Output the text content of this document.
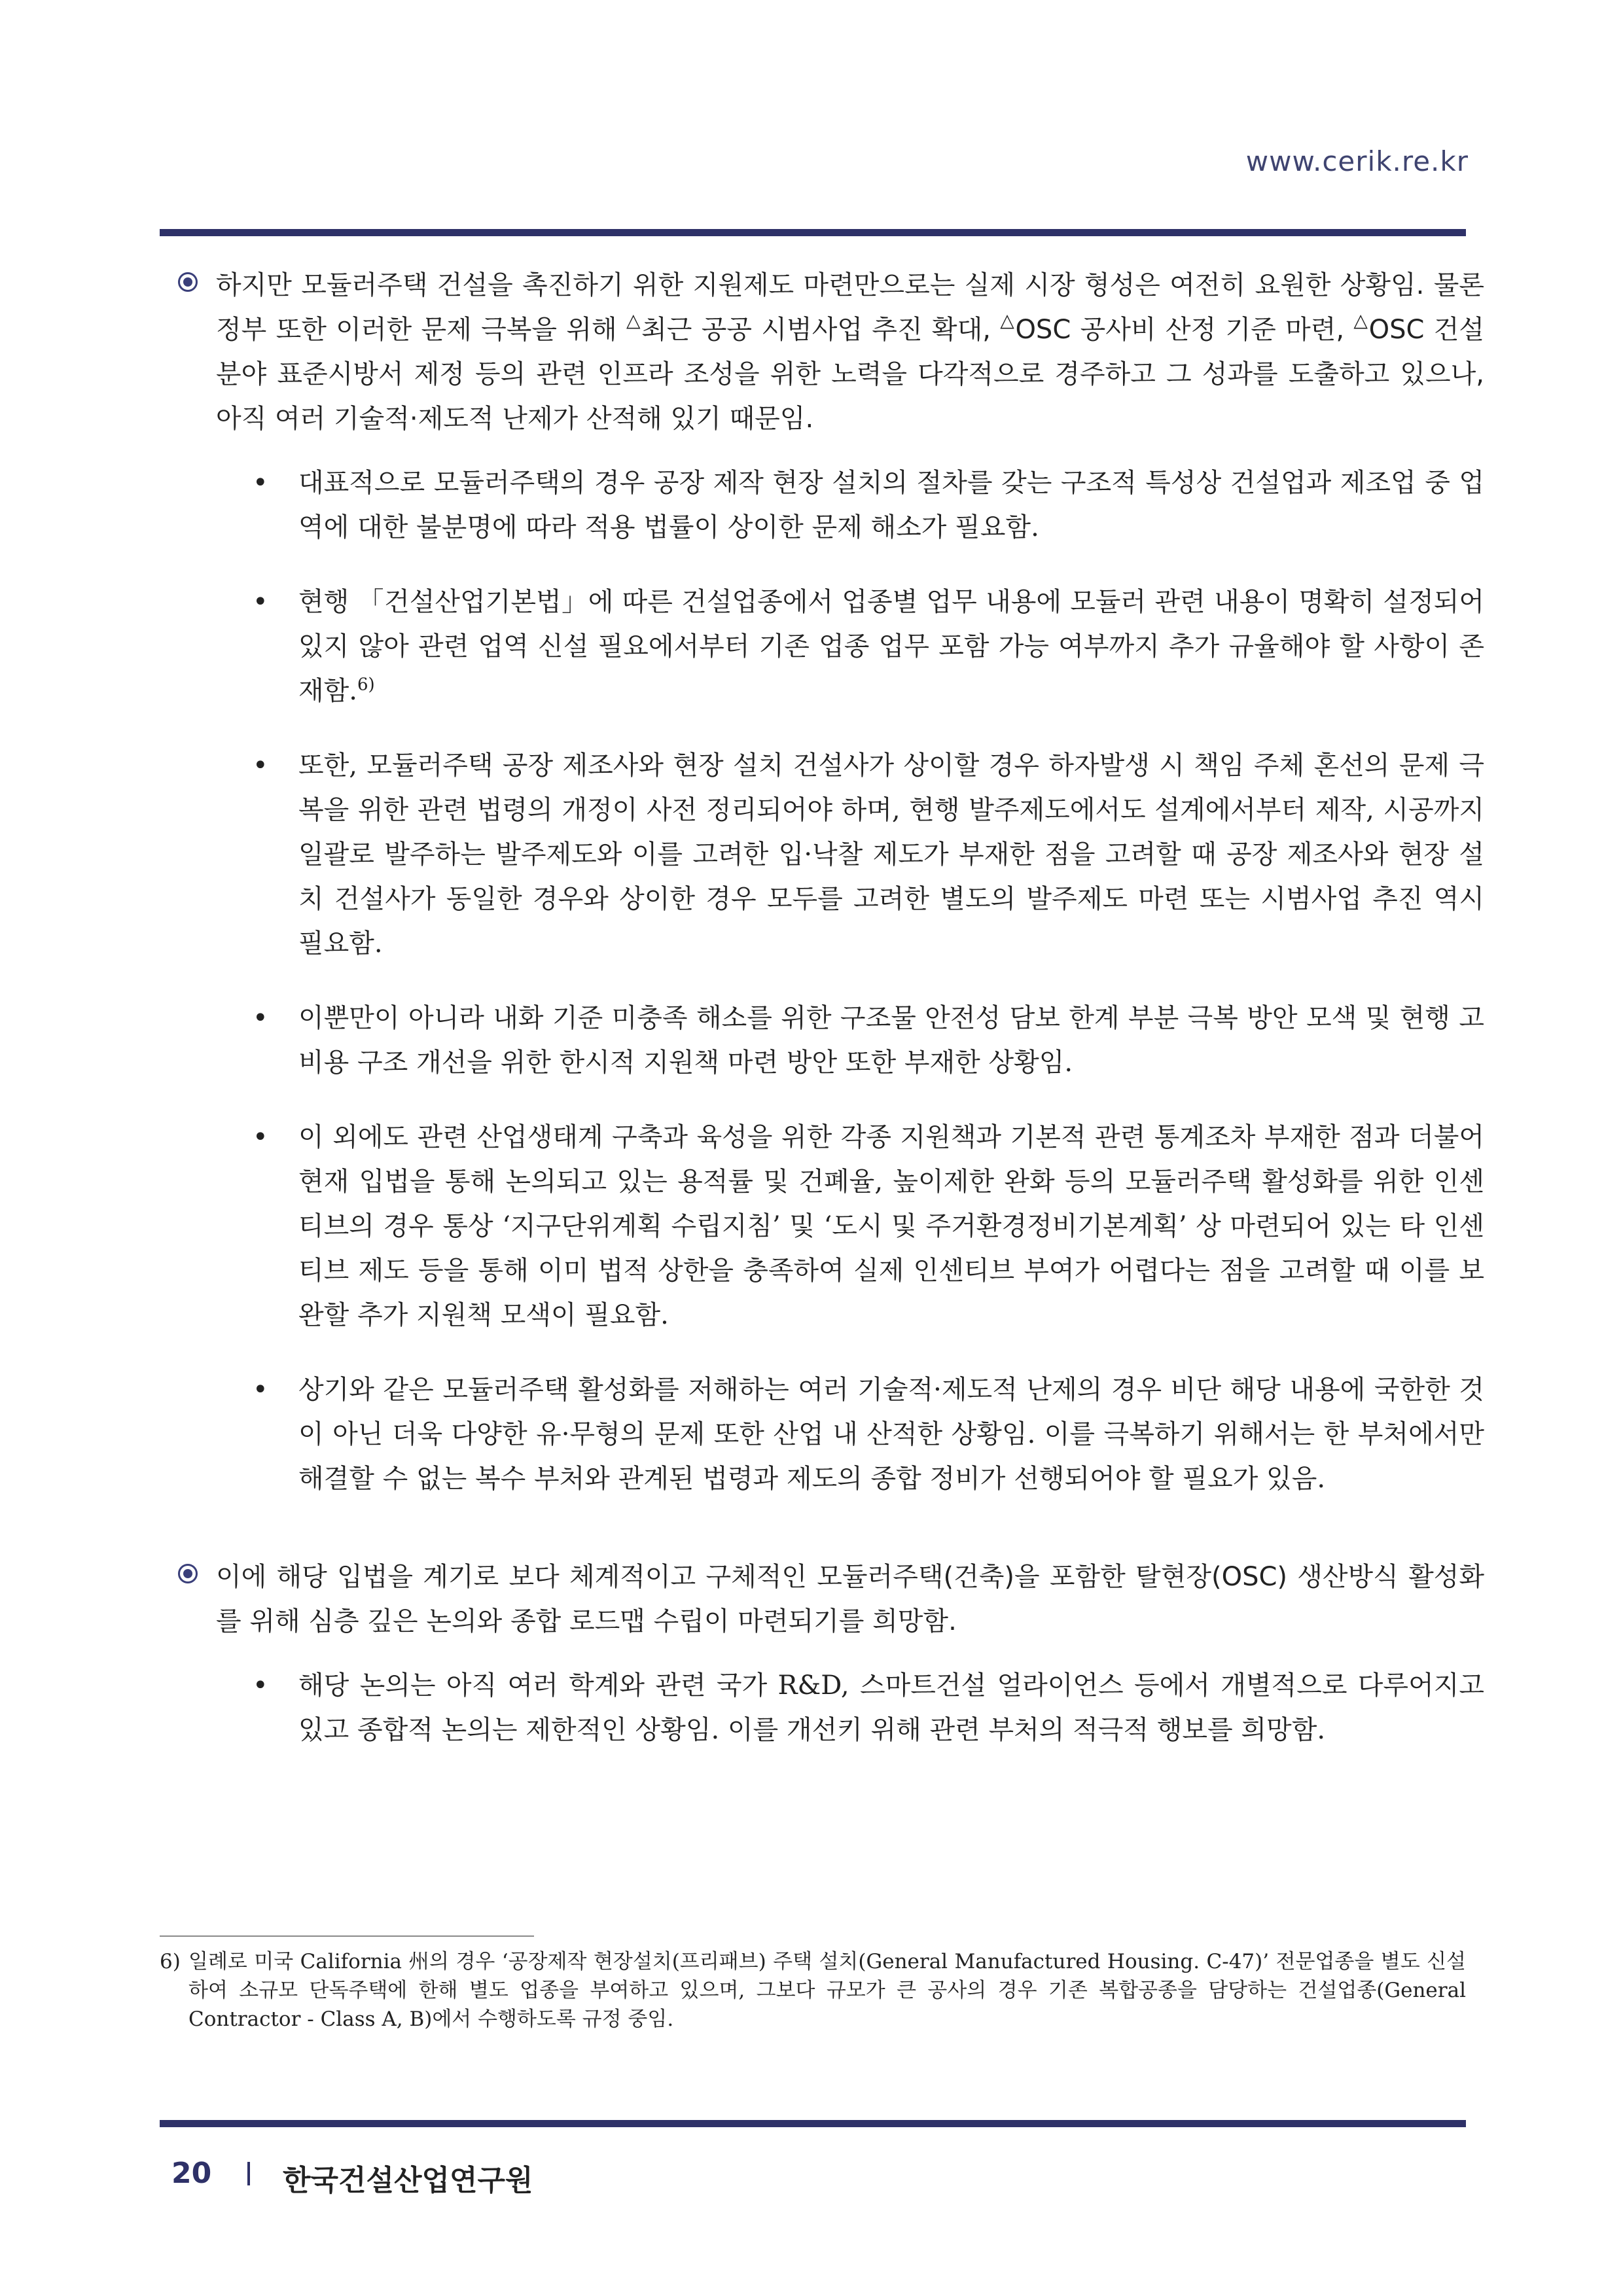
www.cerik.re.kr
하지만 모듈러주택 건설을 촉진하기 위한 지원제도 마련만으로는 실제 시장 형성은 여전히 요원한 상황임. 물론 정부 또한 이러한 문제 극복을 위해 △최근 공공 시범사업 추진 확대, △OSC 공사비 산정 기준 마련, △OSC 건설분야 표준시방서 제정 등의 관련 인프라 조성을 위한 노력을 다각적으로 경주하고 그 성과를 도출하고 있으나, 아직 여러 기술적·제도적 난제가 산적해 있기 때문임.
• 대표적으로 모듈러주택의 경우 공장 제작 현장 설치의 절차를 갖는 구조적 특성상 건설업과 제조업 중 업역에 대한 불분명에 따라 적용 법률이 상이한 문제 해소가 필요함.
• 현행 「건설산업기본법」에 따른 건설업종에서 업종별 업무 내용에 모듈러 관련 내용이 명확히 설정되어 있지 않아 관련 업역 신설 필요에서부터 기존 업종 업무 포함 가능 여부까지 추가 규율해야 할 사항이 존재함.$^{6)}$
• 또한, 모듈러주택 공장 제조사와 현장 설치 건설사가 상이할 경우 하자발생 시 책임 주체 혼선의 문제 극복을 위한 관련 법령의 개정이 사전 정리되어야 하며, 현행 발주제도에서도 설계에서부터 제작, 시공까지 일괄로 발주하는 발주제도와 이를 고려한 입·낙찰 제도가 부재한 점을 고려할 때 공장 제조사와 현장 설치 건설사가 동일한 경우와 상이한 경우 모두를 고려한 별도의 발주제도 마련 또는 시범사업 추진 역시 필요함.
• 이뿐만이 아니라 내화 기준 미충족 해소를 위한 구조물 안전성 담보 한계 부분 극복 방안 모색 및 현행 고비용 구조 개선을 위한 한시적 지원책 마련 방안 또한 부재한 상황임.
• 이 외에도 관련 산업생태계 구축과 육성을 위한 각종 지원책과 기본적 관련 통계조차 부재한 점과 더불어 현재 입법을 통해 논의되고 있는 용적률 및 건폐율, 높이제한 완화 등의 모듈러주택 활성화를 위한 인센티브의 경우 통상 ‘지구단위계획 수립지침’ 및 ‘도시 및 주거환경정비기본계획’ 상 마련되어 있는 타 인센티브 제도 등을 통해 이미 법적 상한을 충족하여 실제 인센티브 부여가 어렵다는 점을 고려할 때 이를 보완할 추가 지원책 모색이 필요함.
• 상기와 같은 모듈러주택 활성화를 저해하는 여러 기술적·제도적 난제의 경우 비단 해당 내용에 국한한 것이 아닌 더욱 다양한 유·무형의 문제 또한 산업 내 산적한 상황임. 이를 극복하기 위해서는 한 부처에서만 해결할 수 없는 복수 부처와 관계된 법령과 제도의 종합 정비가 선행되어야 할 필요가 있음.
이에 해당 입법을 계기로 보다 체계적이고 구체적인 모듈러주택(건축)을 포함한 탈현장(OSC) 생산방식 활성화를 위해 심층 깊은 논의와 종합 로드맵 수립이 마련되기를 희망함.
• 해당 논의는 아직 여러 학계와 관련 국가 R&D, 스마트건설 얼라이언스 등에서 개별적으로 다루어지고 있고 종합적 논의는 제한적인 상황임. 이를 개선키 위해 관련 부처의 적극적 행보를 희망함.
6) 일례로 미국 California 州의 경우 ‘공장제작 현장설치(프리패브) 주택 설치(General Manufactured Housing. C-47)’ 전문업종을 별도 신설하여 소규모 단독주택에 한해 별도 업종을 부여하고 있으며, 그보다 규모가 큰 공사의 경우 기존 복합공종을 담당하는 건설업종(General Contractor - Class A, B)에서 수행하도록 규정 중임.
20 한국건설산업연구원
